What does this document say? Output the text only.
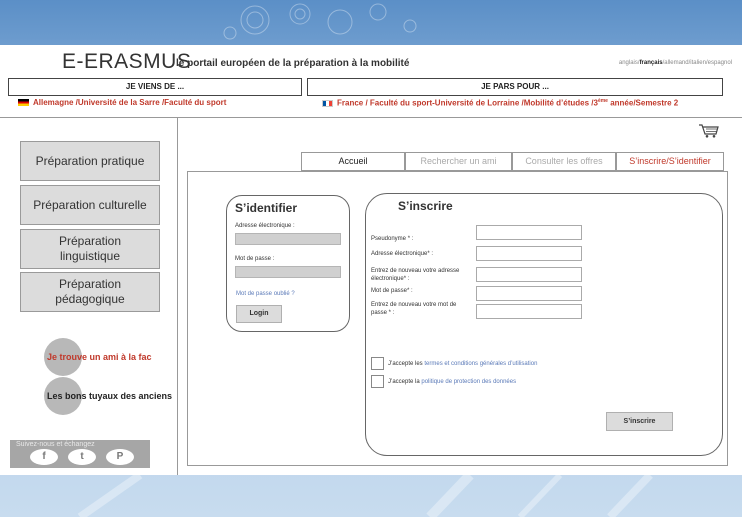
E-ERASMUS
le portail européen de la préparation à la mobilité	anglais/français/allemand/italien/espagnol
JE VIENS DE ...	JE PARS POUR ...
Allemagne /Université de la Sarre /Faculté du sport	France / Faculté du sport-Université de Lorraine /Mobilité d’études /3ème année/Semestre 2
Préparation pratique
Préparation culturelle
Préparation linguistique
Préparation pédagogique
Je trouve un ami à la fac
Les bons tuyaux des anciens
Suivez-nous et échangez
f	t	P
Accueil	Rechercher un ami	Consulter les offres	S’inscrire/S’identifier
S’identifier
Adresse électronique :
Mot de passe :
Mot de passe oublié ?
Login
S’inscrire
Pseudonyme * :
Adresse électronique* :
Entrez de nouveau votre adresse électronique* :
Mot de passe* :
Entrez de nouveau votre mot de passe * :
J’accepte les termes et conditions générales d’utilisation
J’accepte la politique de protection des données
S’inscrire
